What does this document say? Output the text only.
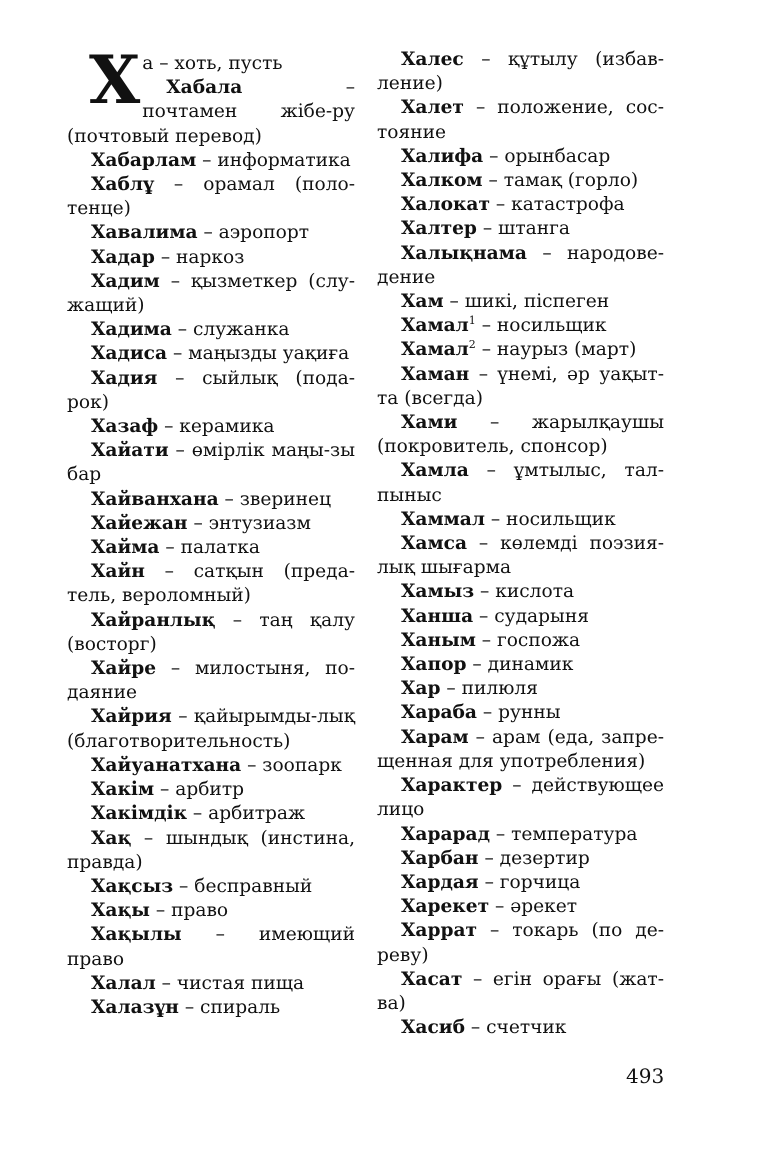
Ха – хоть, пусть

Хабала – почтамен жібе-ру (почтовый перевод)

Хабарлам – информатика

Хаблұ – орамал (поло-тенце)

Хавалима – аэропорт

Хадар – наркоз

Хадим – қызметкер (слу-жащий)

Хадима – служанка

Хадиса – маңызды уақиға

Хадия – сыйлық (пода-рок)

Хазаф – керамика

Хайати – өмірлік маңы-зы бар

Хайванхана – зверинец

Хайежан – энтузиазм

Хайма – палатка

Хайн – сатқын (преда-тель, вероломный)

Хайранлық – таң қалу (восторг)

Хайре – милостыня, по-даяние

Хайрия – қайырымды-лық (благотворительность)

Хайуанатхана – зоопарк

Хакім – арбитр

Хакімдік – арбитраж

Хақ – шындық (инстина, правда)

Хақсыз – бесправный

Хақы – право

Хақылы – имеющий право

Халал – чистая пища

Халазұн – спираль

Халес – құтылу (избав-ление)

Халет – положение, сос-тояние

Халифа – орынбасар

Халком – тамақ (горло)

Халокат – катастрофа

Халтер – штанга

Халықнама – народове-дение

Хам – шикі, піспеген

Хамал$^1$ – носильщик

Хамал$^2$ – наурыз (март)

Хаман – үнемі, әр уақыт-та (всегда)

Хами – жарылқаушы (покровитель, спонсор)

Хамла – ұмтылыс, тал-пыныс

Хаммал – носильщик

Хамса – көлемді поэзия-лық шығарма

Хамыз – кислота

Ханша – сударыня

Ханым – госпожа

Хапор – динамик

Хар – пилюля

Хараба – рунны

Харам – арам (еда, запре-щенная для употребления)

Характер – действующее лицо

Харарад – температура

Харбан – дезертир

Хардая – горчица

Харекет – әрекет

Харрат – токарь (по де-реву)

Хасат – егін орағы (жат-ва)

Хасиб – счетчик

493
